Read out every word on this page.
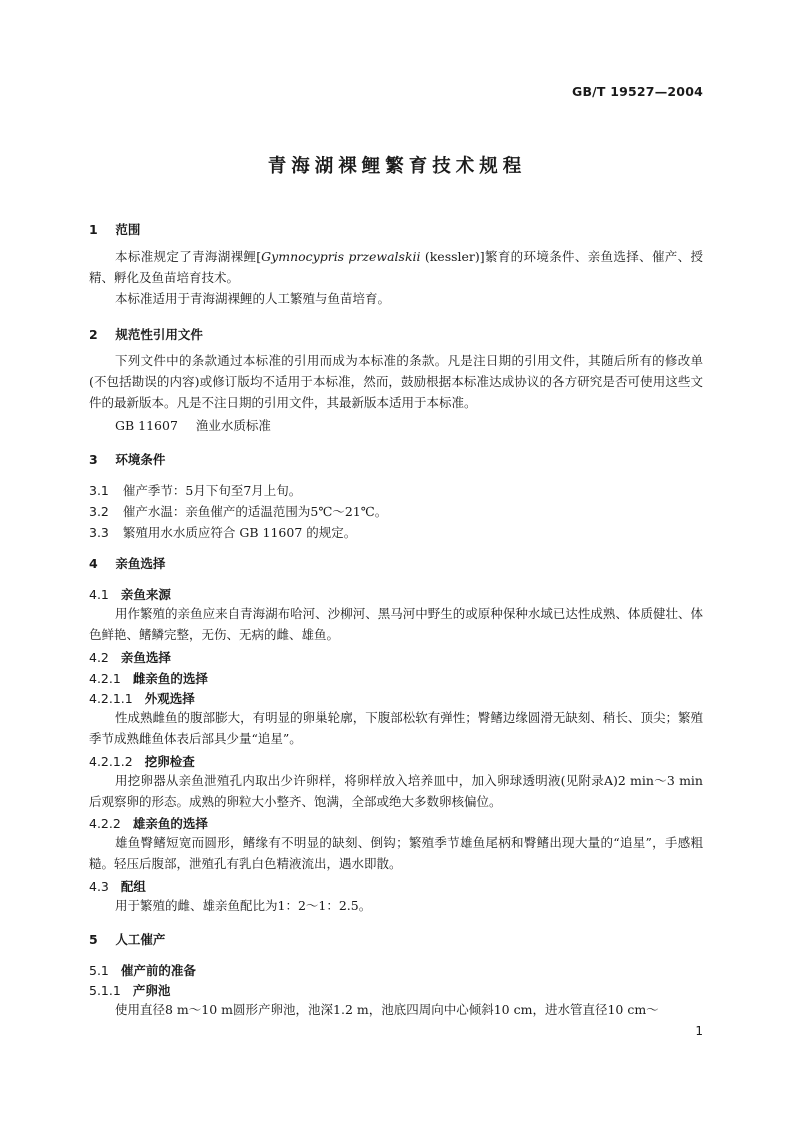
GB/T 19527—2004
青海湖裸鲤繁育技术规程
1 范围
本标准规定了青海湖裸鲤[Gymnocypris przewalskii (kessler)]繁育的环境条件、亲鱼选择、催产、授精、孵化及鱼苗培育技术。
本标准适用于青海湖裸鲤的人工繁殖与鱼苗培育。
2 规范性引用文件
下列文件中的条款通过本标准的引用而成为本标准的条款。凡是注日期的引用文件，其随后所有的修改单(不包括勘误的内容)或修订版均不适用于本标准，然而，鼓励根据本标准达成协议的各方研究是否可使用这些文件的最新版本。凡是不注日期的引用文件，其最新版本适用于本标准。
GB 11607 渔业水质标准
3 环境条件
3.1 催产季节：5月下旬至7月上旬。
3.2 催产水温：亲鱼催产的适温范围为5℃～21℃。
3.3 繁殖用水水质应符合 GB 11607 的规定。
4 亲鱼选择
4.1 亲鱼来源
用作繁殖的亲鱼应来自青海湖布哈河、沙柳河、黑马河中野生的或原种保种水域已达性成熟、体质健壮、体色鲜艳、鳍鳞完整，无伤、无病的雌、雄鱼。
4.2 亲鱼选择
4.2.1 雌亲鱼的选择
4.2.1.1 外观选择
性成熟雌鱼的腹部膨大，有明显的卵巢轮廓，下腹部松软有弹性；臀鳍边缘圆滑无缺刻、稍长、顶尖；繁殖季节成熟雌鱼体表后部具少量“追星”。
4.2.1.2 挖卵检查
用挖卵器从亲鱼泄殖孔内取出少许卵样，将卵样放入培养皿中，加入卵球透明液(见附录A)2 min～3 min后观察卵的形态。成熟的卵粒大小整齐、饱满，全部或绝大多数卵核偏位。
4.2.2 雄亲鱼的选择
雄鱼臀鳍短宽而圆形，鳍缘有不明显的缺刻、倒钩；繁殖季节雄鱼尾柄和臀鳍出现大量的“追星”，手感粗糙。轻压后腹部，泄殖孔有乳白色精液流出，遇水即散。
4.3 配组
用于繁殖的雌、雄亲鱼配比为1：2～1：2.5。
5 人工催产
5.1 催产前的准备
5.1.1 产卵池
使用直径8 m～10 m圆形产卵池，池深1.2 m，池底四周向中心倾斜10 cm，进水管直径10 cm～
1
